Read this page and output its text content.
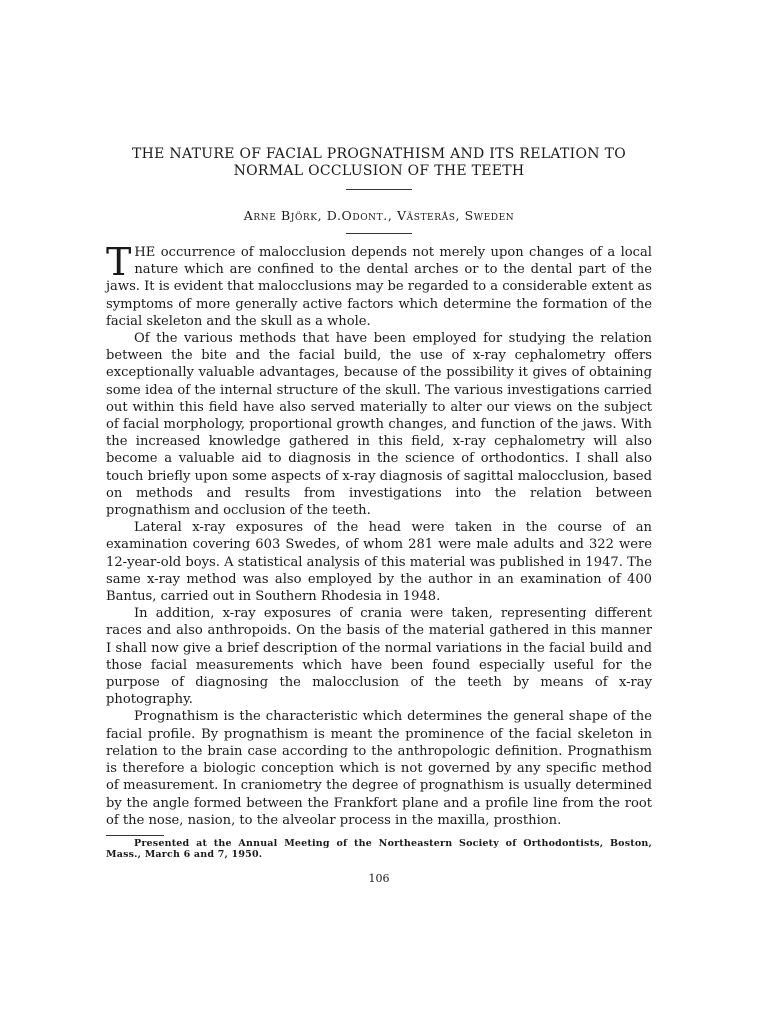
THE NATURE OF FACIAL PROGNATHISM AND ITS RELATION TO
NORMAL OCCLUSION OF THE TEETH
Arne Björk, D.Odont., Västerås, Sweden

THE occurrence of malocclusion depends not merely upon changes of a local nature which are confined to the dental arches or to the dental part of the jaws. It is evident that malocclusions may be regarded to a considerable extent as symptoms of more generally active factors which determine the formation of the facial skeleton and the skull as a whole.

Of the various methods that have been employed for studying the relation between the bite and the facial build, the use of x-ray cephalometry offers exceptionally valuable advantages, because of the possibility it gives of obtaining some idea of the internal structure of the skull. The various investigations carried out within this field have also served materially to alter our views on the subject of facial morphology, proportional growth changes, and function of the jaws. With the increased knowledge gathered in this field, x-ray cephalometry will also become a valuable aid to diagnosis in the science of orthodontics. I shall also touch briefly upon some aspects of x-ray diagnosis of sagittal malocclusion, based on methods and results from investigations into the relation between prognathism and occlusion of the teeth.

Lateral x-ray exposures of the head were taken in the course of an examination covering 603 Swedes, of whom 281 were male adults and 322 were 12-year-old boys. A statistical analysis of this material was published in 1947. The same x-ray method was also employed by the author in an examination of 400 Bantus, carried out in Southern Rhodesia in 1948.

In addition, x-ray exposures of crania were taken, representing different races and also anthropoids. On the basis of the material gathered in this manner I shall now give a brief description of the normal variations in the facial build and those facial measurements which have been found especially useful for the purpose of diagnosing the malocclusion of the teeth by means of x-ray photography.

Prognathism is the characteristic which determines the general shape of the facial profile. By prognathism is meant the prominence of the facial skeleton in relation to the brain case according to the anthropologic definition. Prognathism is therefore a biologic conception which is not governed by any specific method of measurement. In craniometry the degree of prognathism is usually determined by the angle formed between the Frankfort plane and a profile line from the root of the nose, nasion, to the alveolar process in the maxilla, prosthion.

Presented at the Annual Meeting of the Northeastern Society of Orthodontists, Boston, Mass., March 6 and 7, 1950.

106
